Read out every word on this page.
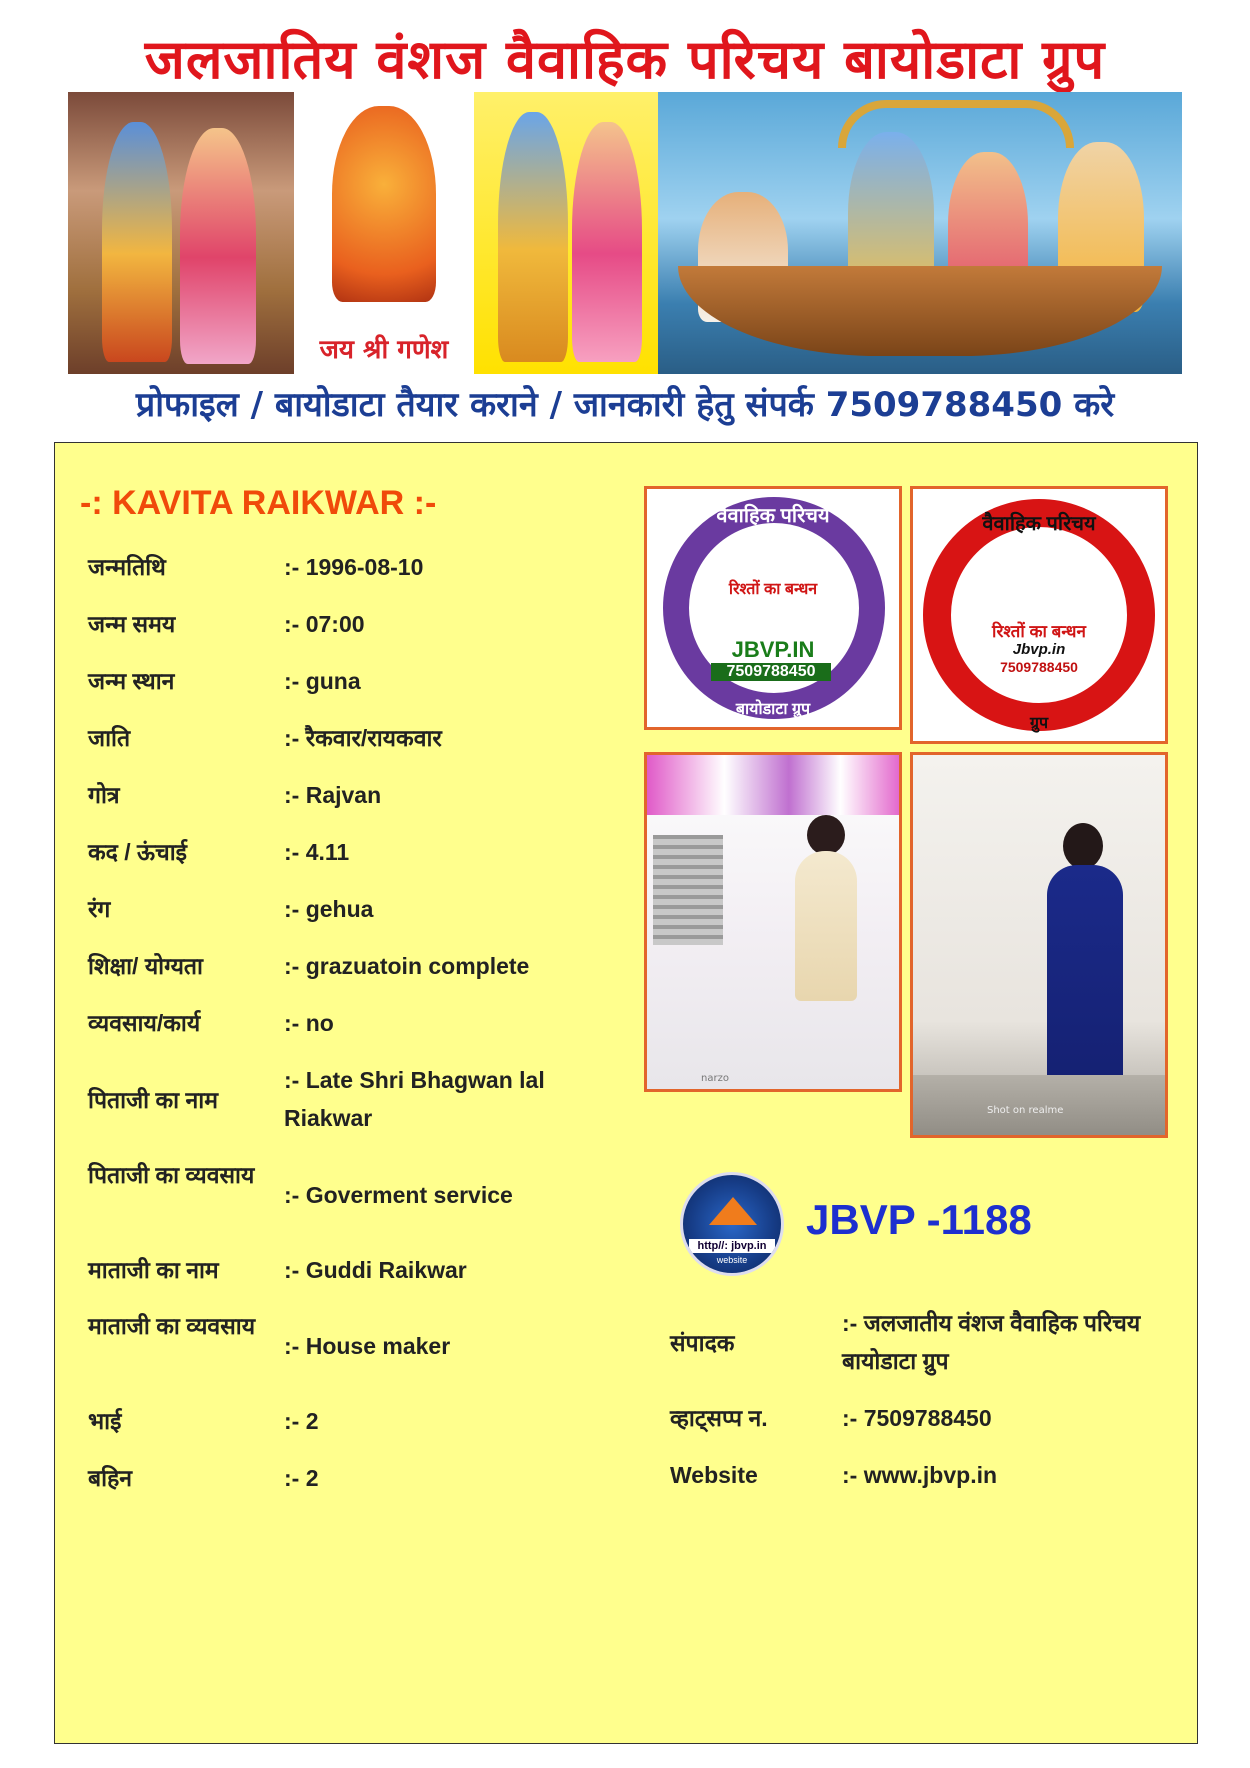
जलजातिय वंशज वैवाहिक परिचय बायोडाटा ग्रुप
जय श्री गणेश
प्रोफाइल / बायोडाटा तैयार कराने / जानकारी हेतु संपर्क 7509788450 करे
-: KAVITA RAIKWAR :-
जन्मतिथि	:- 1996-08-10
जन्म समय	:- 07:00
जन्म स्थान	:- guna
जाति	:- रैकवार/रायकवार
गोत्र	:- Rajvan
कद / ऊंचाई	:- 4.11
रंग	:- gehua
शिक्षा/ योग्यता	:- grazuatoin complete
व्यवसाय/कार्य	:- no
पिताजी का नाम
:- Late Shri Bhagwan lal Riakwar
पिताजी का व्यवसाय
:- Goverment service
माताजी का नाम	:- Guddi Raikwar
माताजी का व्यवसाय
:- House maker
भाई	:- 2
बहिन	:- 2
वैवाहिक परिचय
रिश्तों का बन्धन
JBVP.IN
7509788450
बायोडाटा ग्रुप
वैवाहिक परिचय
रिश्तों का बन्धन
Jbvp.in
7509788450
ग्रुप
narzo
Shot on realme
http//: jbvp.in
website
JBVP -1188
संपादक
:- जलजातीय वंशज वैवाहिक परिचय बायोडाटा ग्रुप
व्हाट्सप्प न.	:- 7509788450
Website	:- www.jbvp.in
